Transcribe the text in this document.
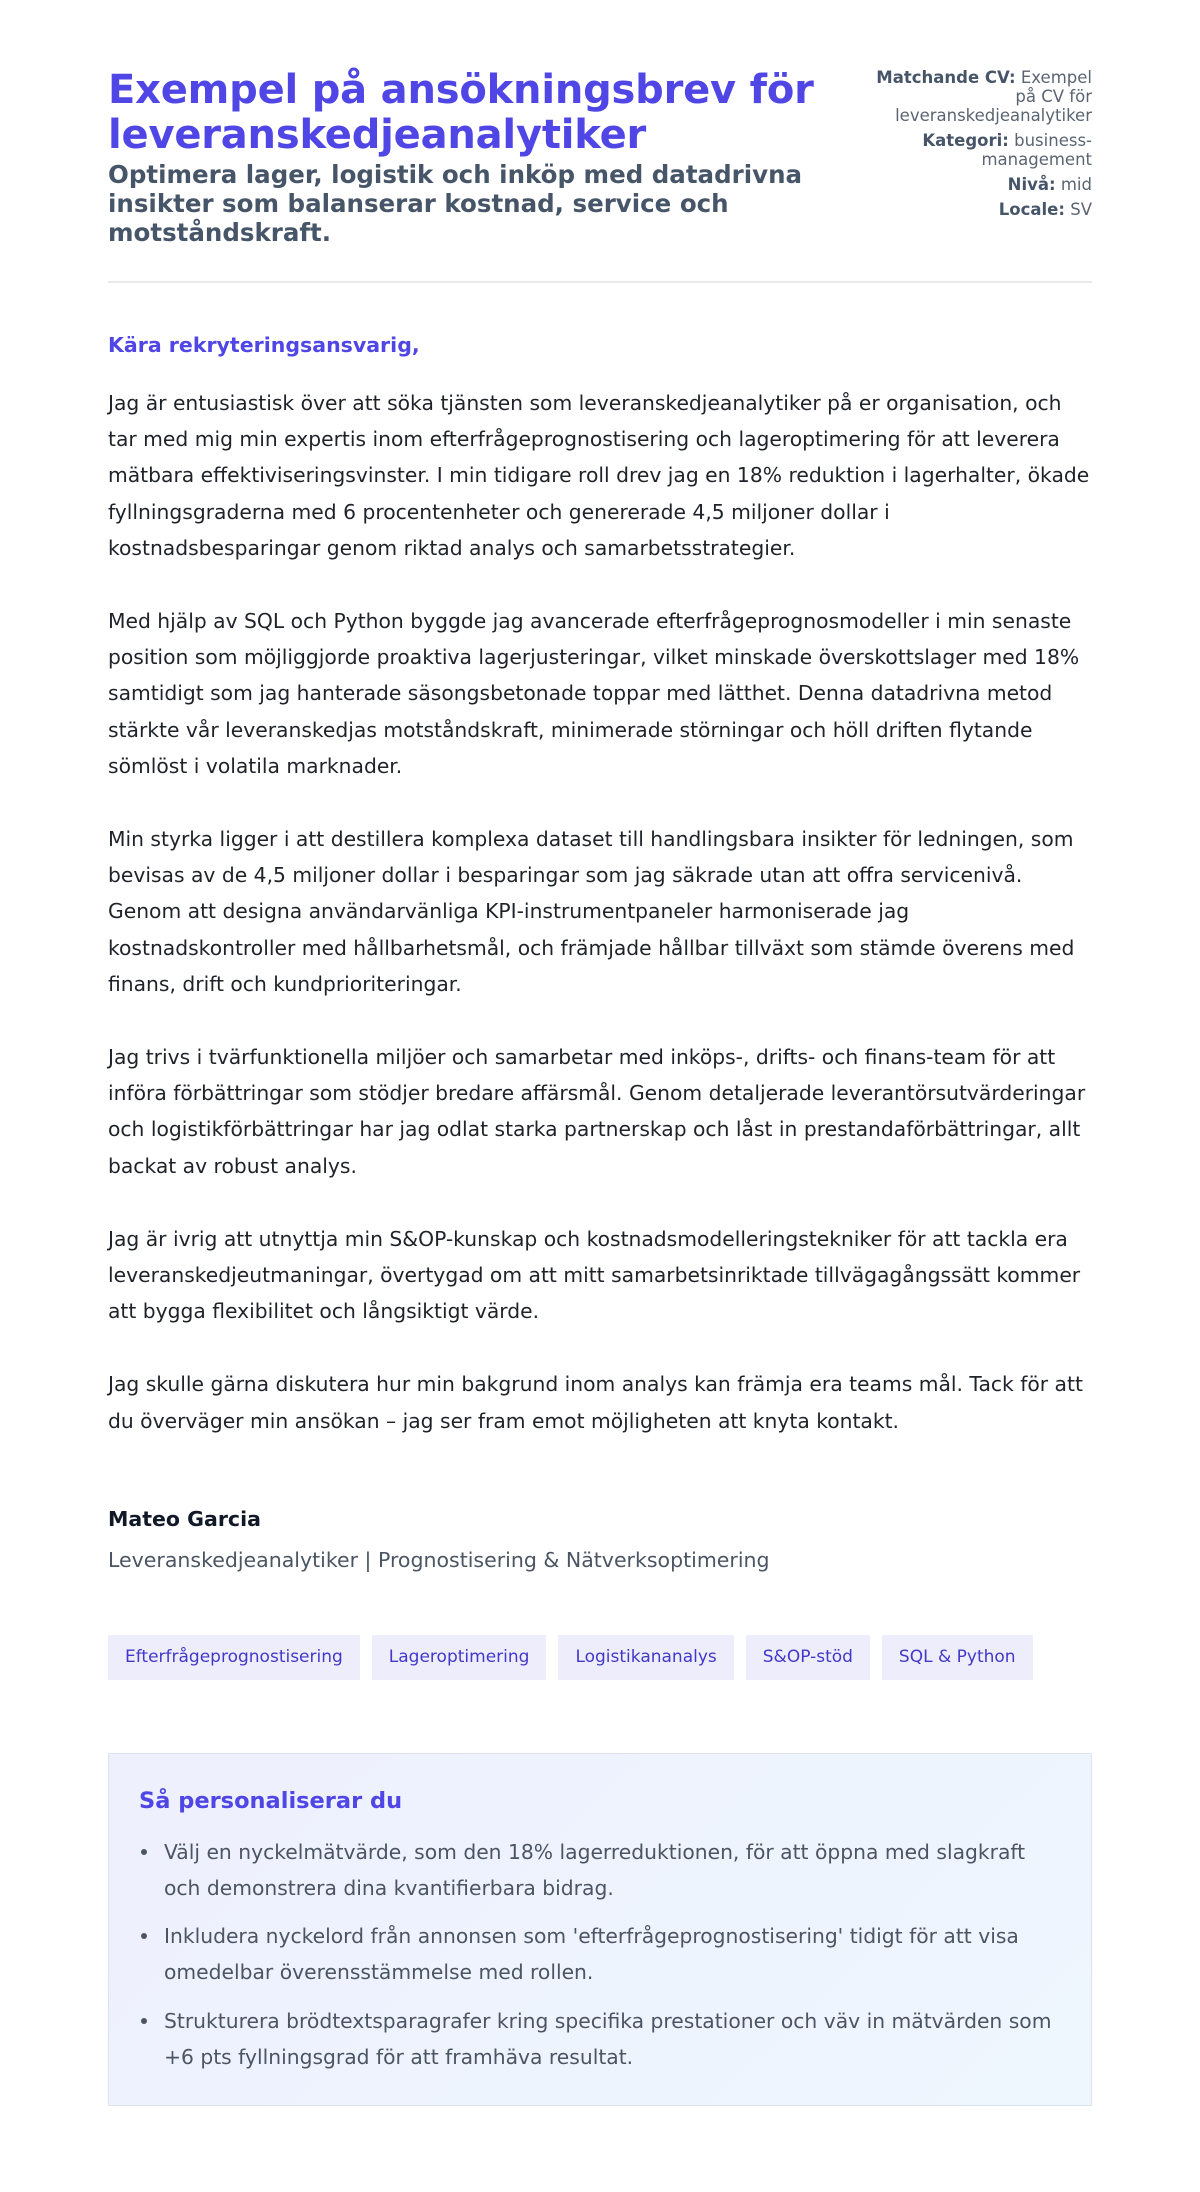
Exempel på ansökningsbrev för leveranskedjeanalytiker
Optimera lager, logistik och inköp med datadrivna insikter som balanserar kostnad, service och motståndskraft.
Matchande CV: Exempel på CV för leveranskedjeanalytiker
Kategori: business-management
Nivå: mid
Locale: SV

Kära rekryteringsansvarig,

Jag är entusiastisk över att söka tjänsten som leveranskedjeanalytiker på er organisation, och tar med mig min expertis inom efterfrågeprognostisering och lageroptimering för att leverera mätbara effektiviseringsvinster. I min tidigare roll drev jag en 18% reduktion i lagerhalter, ökade fyllningsgraderna med 6 procentenheter och genererade 4,5 miljoner dollar i kostnadsbesparingar genom riktad analys och samarbetsstrategier.

Med hjälp av SQL och Python byggde jag avancerade efterfrågeprognosmodeller i min senaste position som möjliggjorde proaktiva lagerjusteringar, vilket minskade överskottslager med 18% samtidigt som jag hanterade säsongsbetonade toppar med lätthet. Denna datadrivna metod stärkte vår leveranskedjas motståndskraft, minimerade störningar och höll driften flytande sömlöst i volatila marknader.

Min styrka ligger i att destillera komplexa dataset till handlingsbara insikter för ledningen, som bevisas av de 4,5 miljoner dollar i besparingar som jag säkrade utan att offra servicenivå. Genom att designa användarvänliga KPI-instrumentpaneler harmoniserade jag kostnadskontroller med hållbarhetsmål, och främjade hållbar tillväxt som stämde överens med finans, drift och kundprioriteringar.

Jag trivs i tvärfunktionella miljöer och samarbetar med inköps-, drifts- och finans-team för att införa förbättringar som stödjer bredare affärsmål. Genom detaljerade leverantörsutvärderingar och logistikförbättringar har jag odlat starka partnerskap och låst in prestandaförbättringar, allt backat av robust analys.

Jag är ivrig att utnyttja min S&OP-kunskap och kostnadsmodelleringstekniker för att tackla era leveranskedjeutmaningar, övertygad om att mitt samarbetsinriktade tillvägagångssätt kommer att bygga flexibilitet och långsiktigt värde.

Jag skulle gärna diskutera hur min bakgrund inom analys kan främja era teams mål. Tack för att du överväger min ansökan – jag ser fram emot möjligheten att knyta kontakt.

Mateo Garcia
Leveranskedjeanalytiker | Prognostisering & Nätverksoptimering
Efterfrågeprognostisering	Lageroptimering	Logistikananalys	S&OP-stöd	SQL & Python
Så personaliserar du
Välj en nyckelmätvärde, som den 18% lagerreduktionen, för att öppna med slagkraft och demonstrera dina kvantifierbara bidrag.
Inkludera nyckelord från annonsen som 'efterfrågeprognostisering' tidigt för att visa omedelbar överensstämmelse med rollen.
Strukturera brödtextsparagrafer kring specifika prestationer och väv in mätvärden som +6 pts fyllningsgrad för att framhäva resultat.
